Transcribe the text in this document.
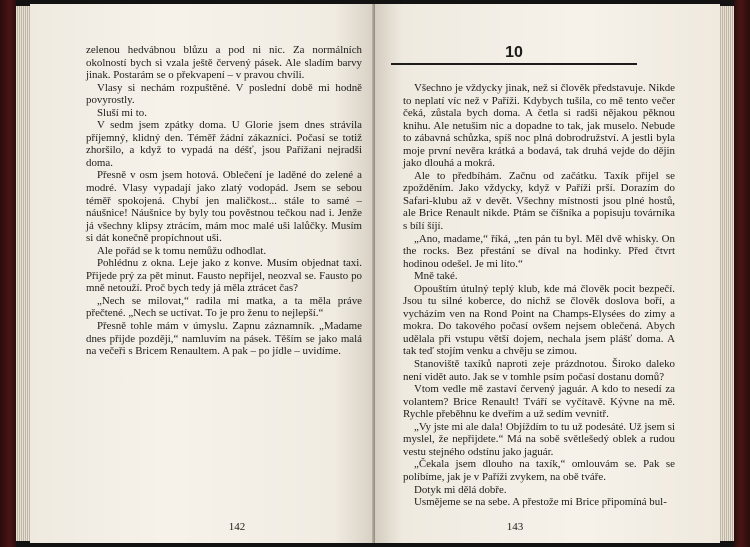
zelenou hedvábnou blůzu a pod ni nic. Za normálních okolností bych si vzala ještě červený pásek. Ale sladím barvy jinak. Postarám se o překvapení – v pravou chvíli.

Vlasy si nechám rozpuštěné. V poslední době mi hodně povyrostly.

Sluší mi to.

V sedm jsem zpátky doma. U Glorie jsem dnes strávila příjemný, klidný den. Téměř žádní zákazníci. Počasí se totiž zhoršilo, a když to vypadá na déšť, jsou Pařížani nejradši doma.

Přesně v osm jsem hotová. Oblečení je laděné do zelené a modré. Vlasy vypadají jako zlatý vodopád. Jsem se sebou téměř spokojená. Chybí jen maličkost... stále to samé – náušnice! Náušnice by byly tou pověstnou tečkou nad i. Jenže já všechny klipsy ztrácím, mám moc malé uši lalůčky. Musím si dát konečně propíchnout uši.

Ale pořád se k tomu nemůžu odhodlat.

Pohlédnu z okna. Leje jako z konve. Musím objednat taxi. Přijede prý za pět minut. Fausto nepřijel, neozval se. Fausto po mně netouží. Proč bych tedy já měla ztrácet čas?

„Nech se milovat,“ radila mi matka, a ta měla práve přečtené. „Nech se uctívat. To je pro ženu to nejlepší.“

Přesně tohle mám v úmyslu. Zapnu záznamník. „Madame dnes přijde později,“ namluvím na pásek. Těším se jako malá na večeři s Bricem Renaultem. A pak – po jídle – uvidíme.

142
10

Všechno je vždycky jinak, než si člověk představuje. Nikde to neplatí víc než v Paříži. Kdybych tušila, co mě tento večer čeká, zůstala bych doma. A četla si radši nějakou pěknou knihu. Ale netušim nic a dopadne to tak, jak muselo. Nebude to zábavná schůzka, spíš noc plná dobrodružství. A jestli byla moje první nevěra krátká a bodavá, tak druhá vejde do dějin jako dlouhá a mokrá.

Ale to předbíhám. Začnu od začátku. Taxík přijel se zpožděním. Jako vždycky, když v Paříži prší. Dorazím do Safari-klubu až v devět. Všechny místnosti jsou plné hostů, ale Brice Renault nikde. Ptám se číšníka a popisuju továrníka s bílí šíjí.

„Ano, madame,“ říká, „ten pán tu byl. Měl dvě whisky. On the rocks. Bez přestání se díval na hodinky. Před čtvrt hodinou odešel. Je mi líto.“

Mně také.

Opouštím útulný teplý klub, kde má člověk pocit bezpečí. Jsou tu silné koberce, do nichž se člověk doslova boří, a vycházím ven na Rond Point na Champs-Elysées do zimy a mokra. Do takového počasí ovšem nejsem oblečená. Abych udělala při vstupu větší dojem, nechala jsem plášť doma. A tak teď stojím venku a chvěju se zimou.

Stanoviště taxíků naproti zeje prázdnotou. Široko daleko není vidět auto. Jak se v tomhle psím počasí dostanu domů?

Vtom vedle mě zastaví červený jaguár. A kdo to nesedí za volantem? Brice Renault! Tváří se vyčítavě. Kývne na mě. Rychle přeběhnu ke dveřím a už sedím vevnitř.

„Vy jste mi ale dala! Objíždím to tu už podesáté. Už jsem si myslel, že nepřijdete.“ Má na sobě světlešedý oblek a rudou vestu stejného odstínu jako jaguár.

„Čekala jsem dlouho na taxík,“ omlouvám se. Pak se políbíme, jak je v Paříži zvykem, na obě tváře.

Dotyk mi dělá dobře.

Usmějeme se na sebe. A přestože mi Brice připomíná bul-

143
